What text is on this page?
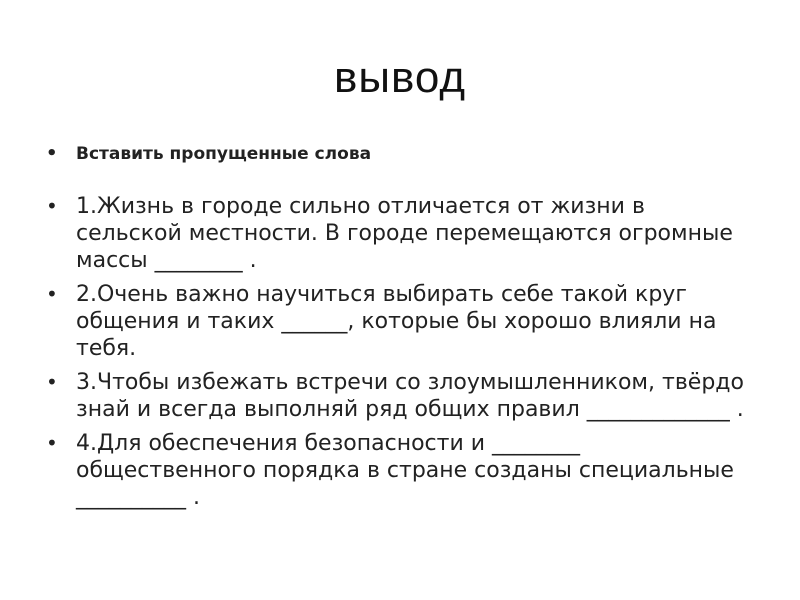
вывод
• Вставить пропущенные слова
• 1.Жизнь в городе сильно отличается от жизни в сельской местности. В городе перемещаются огромные массы ________ .
• 2.Очень важно научиться выбирать себе такой круг общения и таких ______, которые бы хорошо влияли на тебя.
• 3.Чтобы избежать встречи со злоумышленником, твёрдо знай и всегда выполняй ряд общих правил _____________ .
• 4.Для обеспечения безопасности и ________ общественного порядка в стране созданы специальные __________ .
